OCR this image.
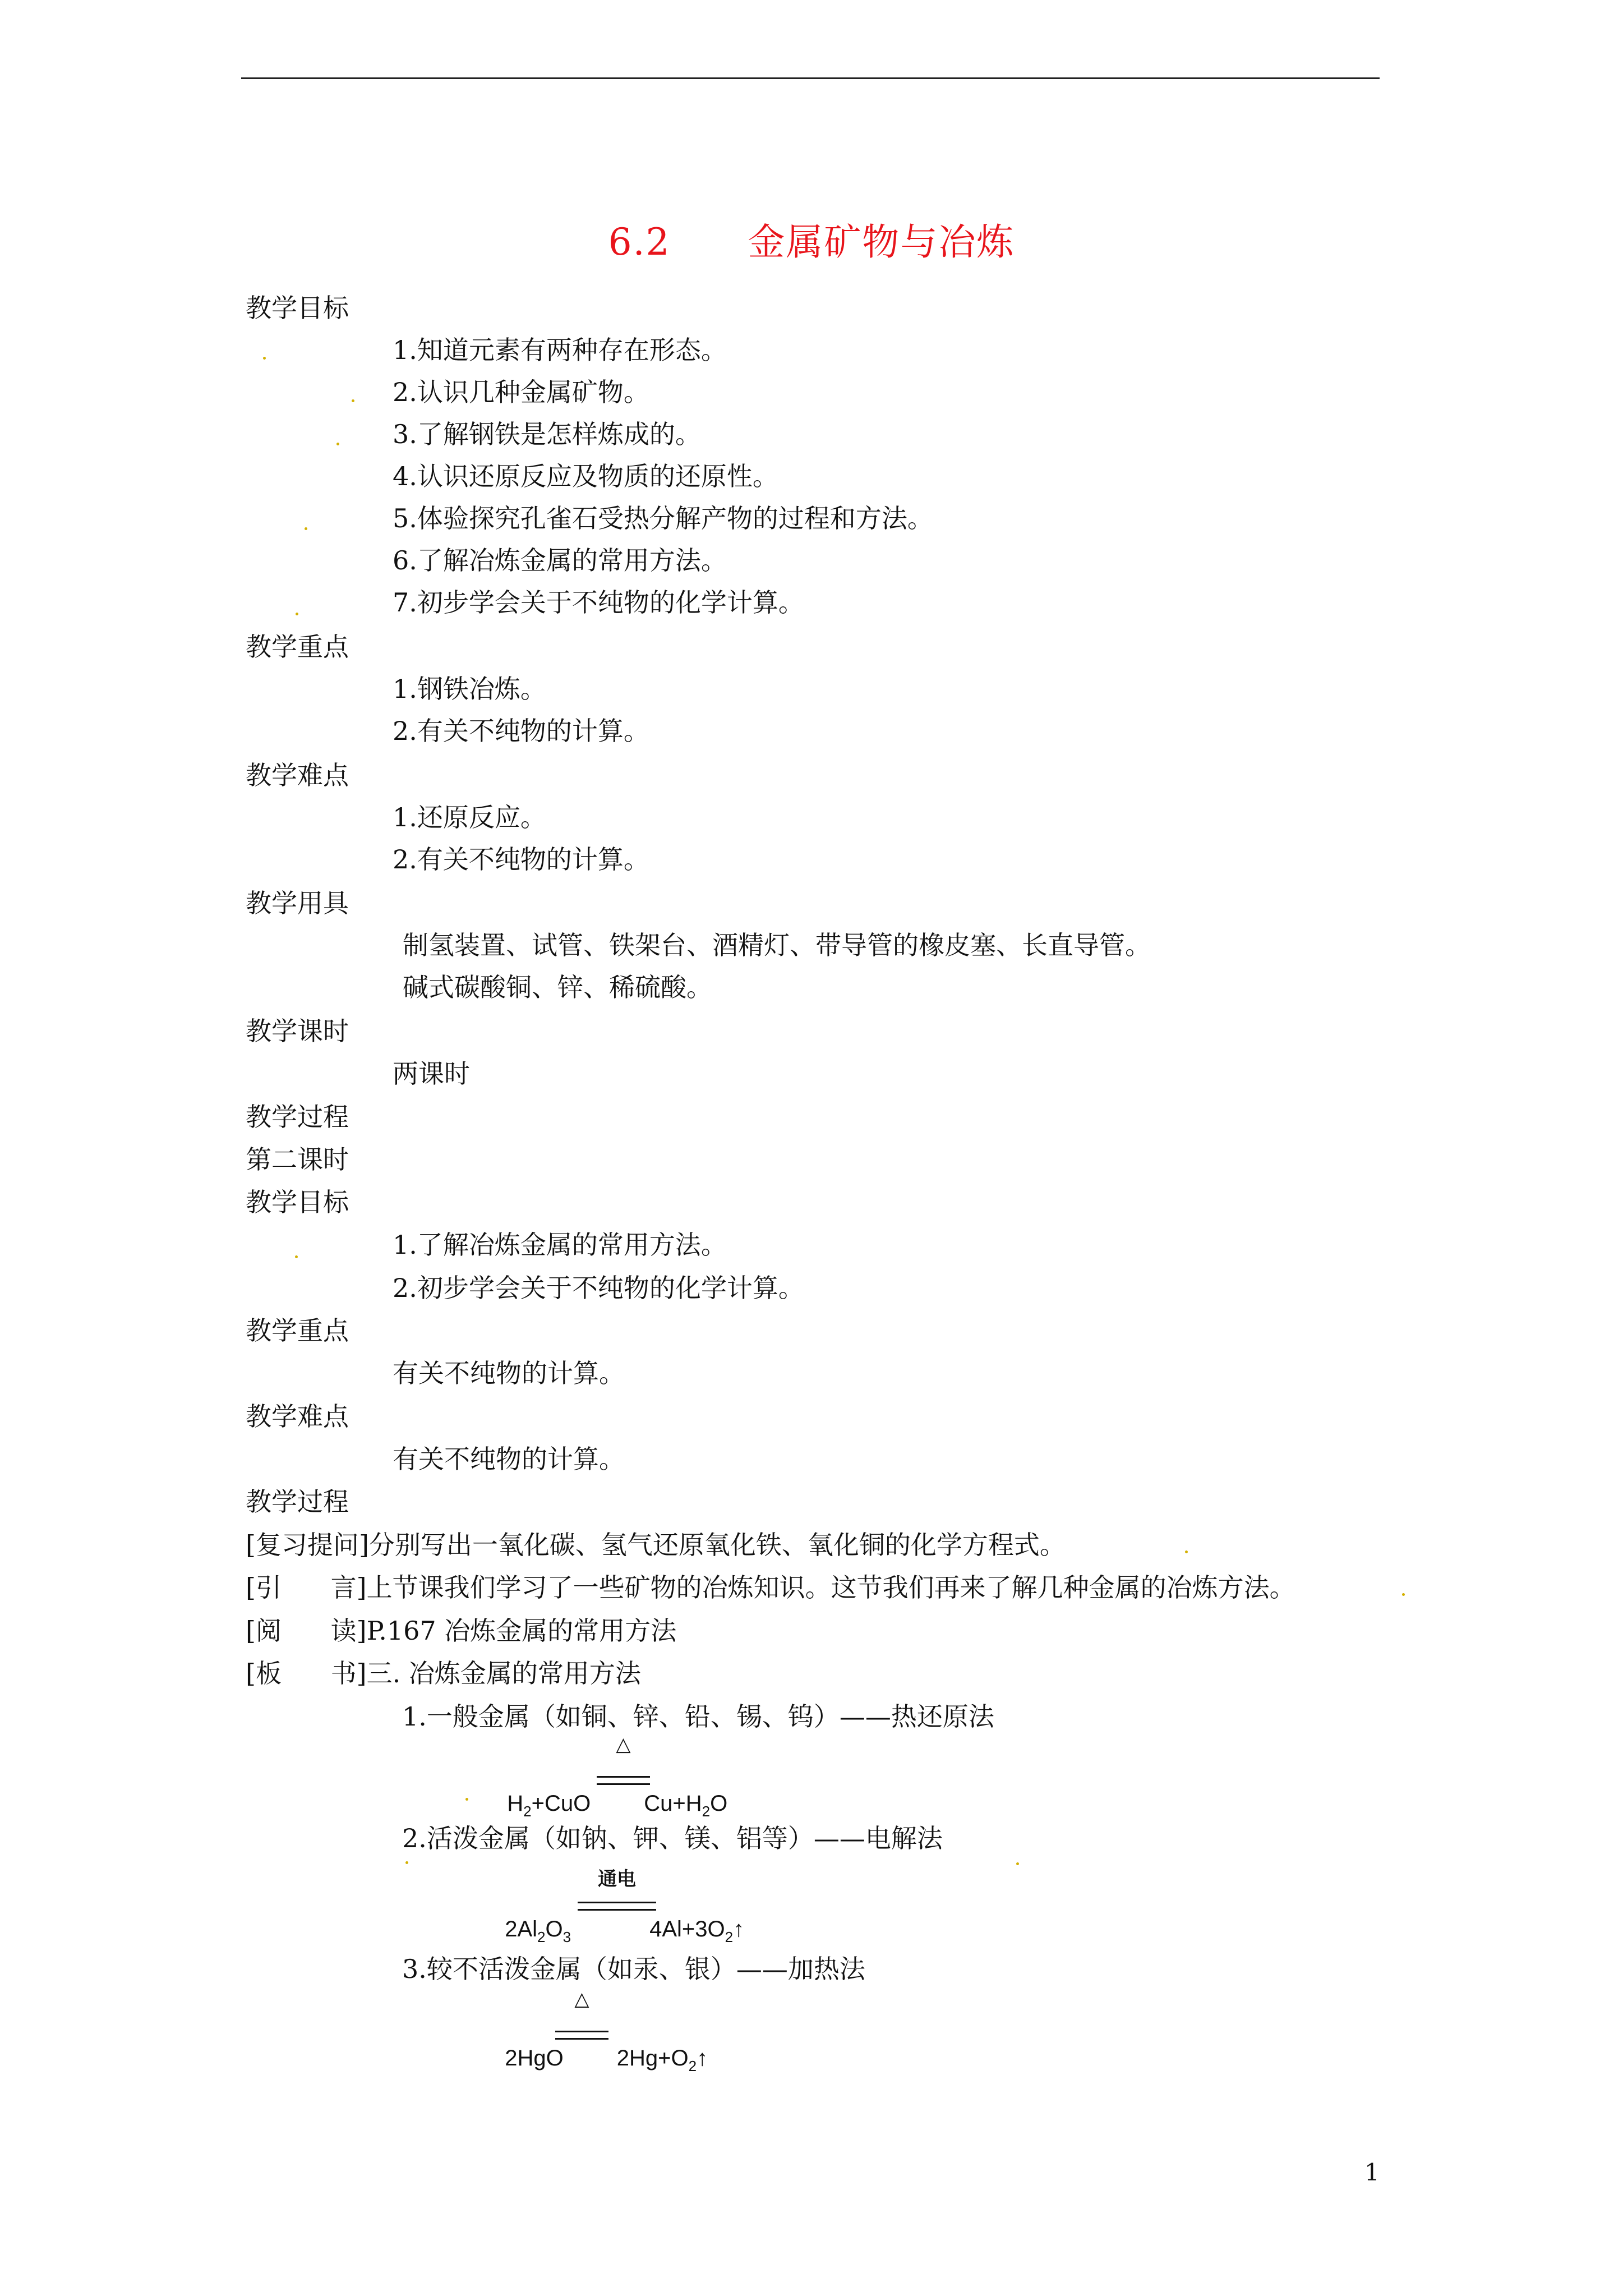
6.2      金属矿物与冶炼
教学目标
1.知道元素有两种存在形态。
2.认识几种金属矿物。
3.了解钢铁是怎样炼成的。
4.认识还原反应及物质的还原性。
5.体验探究孔雀石受热分解产物的过程和方法。
6.了解冶炼金属的常用方法。
7.初步学会关于不纯物的化学计算。
教学重点
1.钢铁冶炼。
2.有关不纯物的计算。
教学难点
1.还原反应。
2.有关不纯物的计算。
教学用具
制氢装置、试管、铁架台、酒精灯、带导管的橡皮塞、长直导管。
碱式碳酸铜、锌、稀硫酸。
教学课时
两课时
教学过程
第二课时
教学目标
1.了解冶炼金属的常用方法。
2.初步学会关于不纯物的化学计算。
教学重点
有关不纯物的计算。
教学难点
有关不纯物的计算。
教学过程
[复习提问]分别写出一氧化碳、氢气还原氧化铁、氧化铜的化学方程式。
[引      言]上节课我们学习了一些矿物的冶炼知识。这节我们再来了解几种金属的冶炼方法。
[阅      读]P.167 冶炼金属的常用方法
[板      书]三. 冶炼金属的常用方法
1.一般金属（如铜、锌、铅、锡、钨）——热还原法

$H_2+CuO$ $Cu+H_2O$

△

2.活泼金属（如钠、钾、镁、铝等）——电解法

$2Al_2O_3$	$4Al+3O_2↑$

通电

3.较不活泼金属（如汞、银）——加热法

2HgO $2Hg+O_2↑$

△

1
